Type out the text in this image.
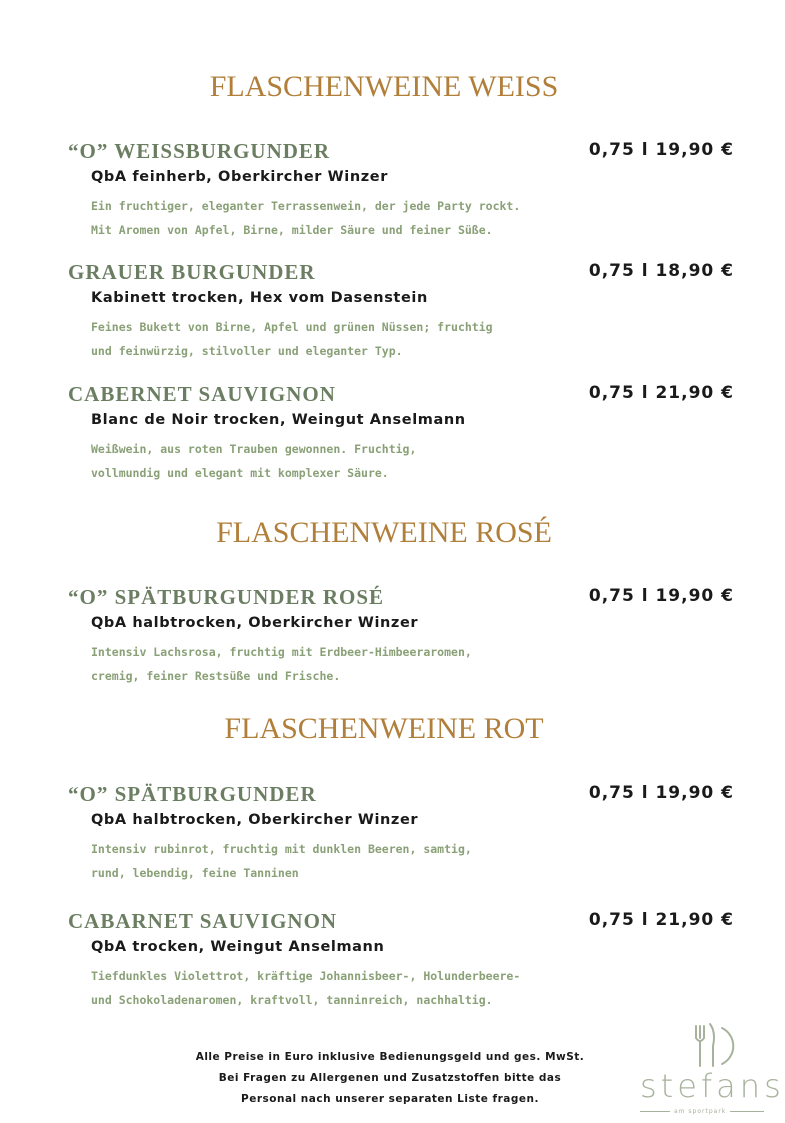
FLASCHENWEINE WEISS
“O” WEISSBURGUNDER	0,75 l 19,90 €
QbA feinherb, Oberkircher Winzer
Ein fruchtiger, eleganter Terrassenwein, der jede Party rockt.
Mit Aromen von Apfel, Birne, milder Säure und feiner Süße.
GRAUER BURGUNDER	0,75 l 18,90 €
Kabinett trocken, Hex vom Dasenstein
Feines Bukett von Birne, Apfel und grünen Nüssen; fruchtig
und feinwürzig, stilvoller und eleganter Typ.
CABERNET SAUVIGNON	0,75 l 21,90 €
Blanc de Noir trocken, Weingut Anselmann
Weißwein, aus roten Trauben gewonnen. Fruchtig,
vollmundig und elegant mit komplexer Säure.
FLASCHENWEINE ROSÉ
“O” SPÄTBURGUNDER ROSÉ	0,75 l 19,90 €
QbA halbtrocken, Oberkircher Winzer
Intensiv Lachsrosa, fruchtig mit Erdbeer-Himbeeraromen,
cremig, feiner Restsüße und Frische.
FLASCHENWEINE ROT
“O” SPÄTBURGUNDER	0,75 l 19,90 €
QbA halbtrocken, Oberkircher Winzer
Intensiv rubinrot, fruchtig mit dunklen Beeren, samtig,
rund, lebendig, feine Tanninen
CABARNET SAUVIGNON	0,75 l 21,90 €
QbA trocken, Weingut Anselmann
Tiefdunkles Violettrot, kräftige Johannisbeer-, Holunderbeere-
und Schokoladenaromen, kraftvoll, tanninreich, nachhaltig.
Alle Preise in Euro inklusive Bedienungsgeld und ges. MwSt.
Bei Fragen zu Allergenen und Zusatzstoffen bitte das
Personal nach unserer separaten Liste fragen.	stefans
am sportpark
